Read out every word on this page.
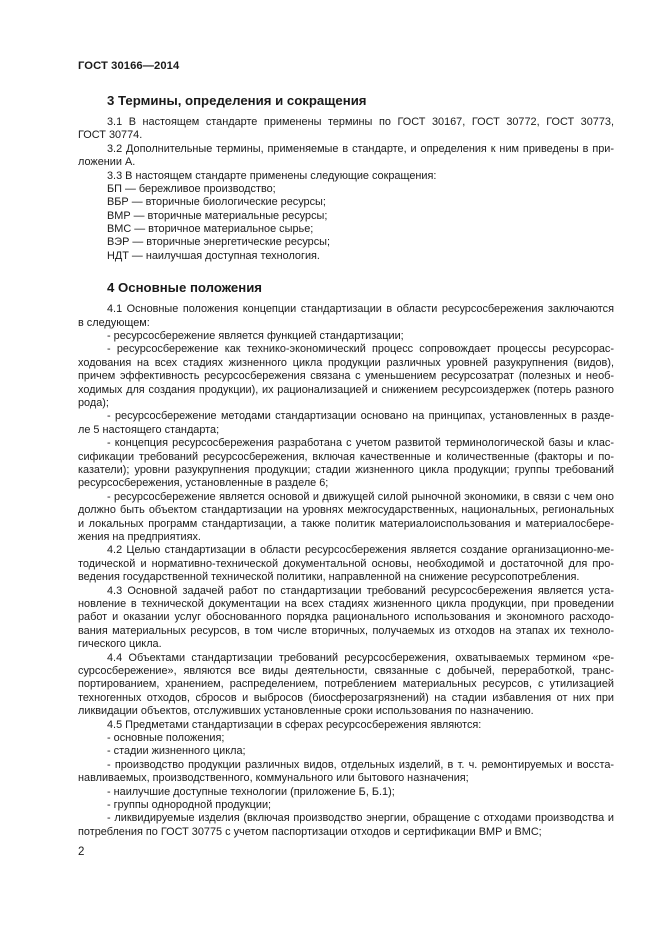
ГОСТ 30166—2014
3 Термины, определения и сокращения
3.1 В настоящем стандарте применены термины по ГОСТ 30167, ГОСТ 30772, ГОСТ 30773,
ГОСТ 30774.
3.2 Дополнительные термины, применяемые в стандарте, и определения к ним приведены в при-
ложении А.
3.3 В настоящем стандарте применены следующие сокращения:
БП — бережливое производство;
ВБР — вторичные биологические ресурсы;
ВМР — вторичные материальные ресурсы;
ВМС — вторичное материальное сырье;
ВЭР — вторичные энергетические ресурсы;
НДТ — наилучшая доступная технология.
4 Основные положения
4.1 Основные положения концепции стандартизации в области ресурсосбережения заключаются
в следующем:
- ресурсосбережение является функцией стандартизации;
- ресурсосбережение как технико-экономический процесс сопровождает процессы ресурсорас-
ходования на всех стадиях жизненного цикла продукции различных уровней разукрупнения (видов),
причем эффективность ресурсосбережения связана с уменьшением ресурсозатрат (полезных и необ-
ходимых для создания продукции), их рационализацией и снижением ресурсоиздержек (потерь разного
рода);
- ресурсосбережение методами стандартизации основано на принципах, установленных в разде-
ле 5 настоящего стандарта;
- концепция ресурсосбережения разработана с учетом развитой терминологической базы и клас-
сификации требований ресурсосбережения, включая качественные и количественные (факторы и по-
казатели); уровни разукрупнения продукции; стадии жизненного цикла продукции; группы требований
ресурсосбережения, установленные в разделе 6;
- ресурсосбережение является основой и движущей силой рыночной экономики, в связи с чем оно
должно быть объектом стандартизации на уровнях межгосударственных, национальных, региональных
и локальных программ стандартизации, а также политик материалоиспользования и материалосбере-
жения на предприятиях.
4.2 Целью стандартизации в области ресурсосбережения является создание организационно-ме-
тодической и нормативно-технической документальной основы, необходимой и достаточной для про-
ведения государственной технической политики, направленной на снижение ресурсопотребления.
4.3 Основной задачей работ по стандартизации требований ресурсосбережения является уста-
новление в технической документации на всех стадиях жизненного цикла продукции, при проведении
работ и оказании услуг обоснованного порядка рационального использования и экономного расходо-
вания материальных ресурсов, в том числе вторичных, получаемых из отходов на этапах их техноло-
гического цикла.
4.4 Объектами стандартизации требований ресурсосбережения, охватываемых термином «ре-
сурсосбережение», являются все виды деятельности, связанные с добычей, переработкой, транс-
портированием, хранением, распределением, потреблением материальных ресурсов, с утилизацией
техногенных отходов, сбросов и выбросов (биосферозагрязнений) на стадии избавления от них при
ликвидации объектов, отслуживших установленные сроки использования по назначению.
4.5 Предметами стандартизации в сферах ресурсосбережения являются:
- основные положения;
- стадии жизненного цикла;
- производство продукции различных видов, отдельных изделий, в т. ч. ремонтируемых и восста-
навливаемых, производственного, коммунального или бытового назначения;
- наилучшие доступные технологии (приложение Б, Б.1);
- группы однородной продукции;
- ликвидируемые изделия (включая производство энергии, обращение с отходами производства и
потребления по ГОСТ 30775 с учетом паспортизации отходов и сертификации ВМР и ВМС;
2
